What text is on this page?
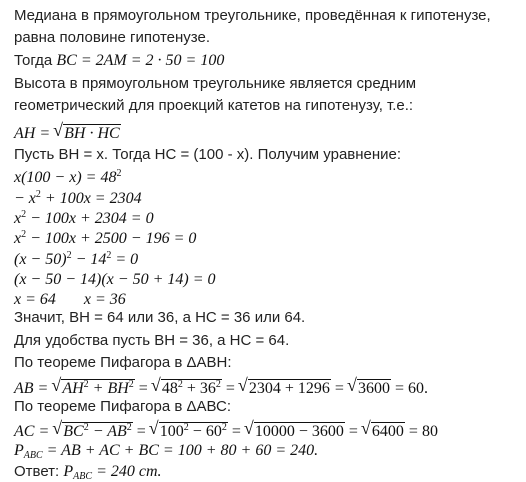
Медиана в прямоугольном треугольнике, проведённая к гипотенузе,
равна половине гипотенузе.
Тогда BC = 2AM = 2 · 50 = 100
Высота в прямоугольном треугольнике является средним
геометрический для проекций катетов на гипотенузу, т.е.:
AH = √ BH · HC
Пусть ВН = х. Тогда НС = (100 - х). Получим уравнение:
$x(100 - x) = 48^2$
− $x^2 + 100x = 2304$
$x^2 - 100x + 2304 = 0$
$x^2 - 100x + 2500 - 196 = 0$
$(x - 50)^2 - 14^2 = 0$
(x − 50 − 14)(x − 50 + 14) = 0
x = 64 x = 36
Значит, ВН = 64 или 36, а НС = 36 или 64.
Для удобства пусть ВН = 36, а НС = 64.
По теореме Пифагора в ΔАВН:
AB = √ $AH^2 + BH^2$ = √ $48^2 + 36^2$ = √ 2304 + 1296 = √ 3600 = 60.
По теореме Пифагора в ΔАВС:
AC = √ $BC^2 - AB^2$ = √ $100^2 - 60^2$ = √ 10000 − 3600 = √ 6400 = 80
$P_{ABC}$ = AB + AC + BC = 100 + 80 + 60 = 240.
Ответ: $P_{ABC} = 240$ cm.
